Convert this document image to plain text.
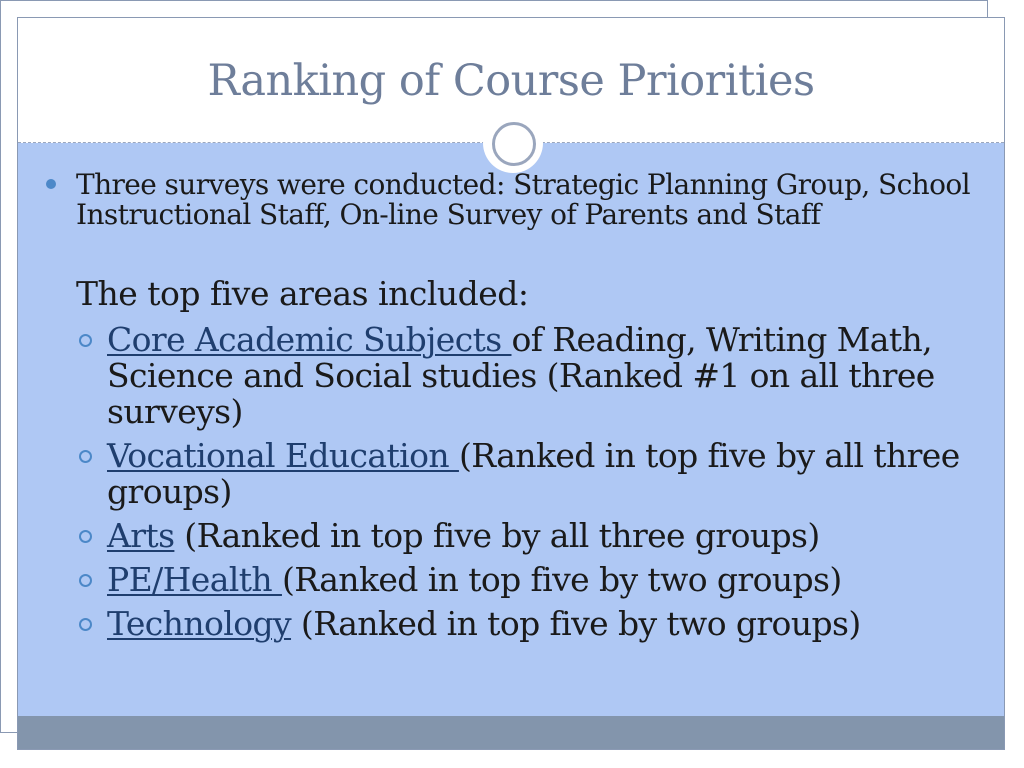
Ranking of Course Priorities
Three surveys were conducted: Strategic Planning Group, School Instructional Staff, On-line Survey of Parents and Staff
The top five areas included:
Core Academic Subjects of Reading, Writing Math, Science and Social studies (Ranked #1 on all three surveys)
Vocational Education (Ranked in top five by all three groups)
Arts (Ranked in top five by all three groups)
PE/Health (Ranked in top five by two groups)
Technology (Ranked in top five by two groups)
